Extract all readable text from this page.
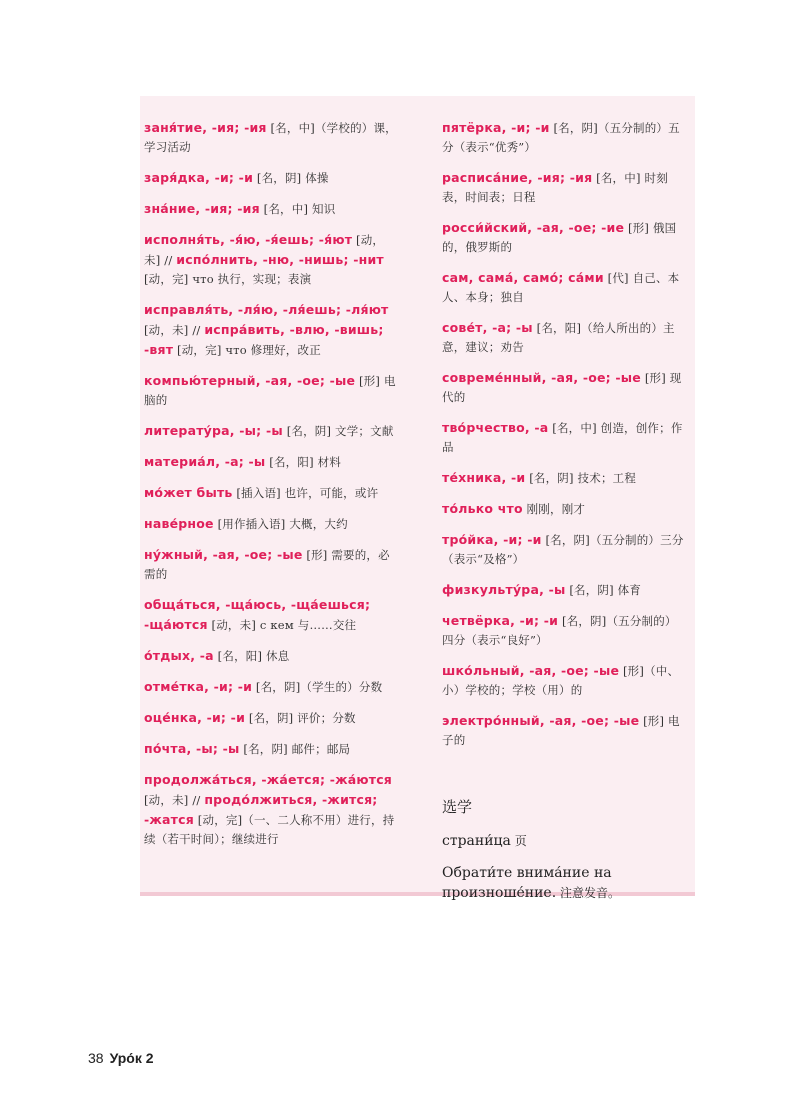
заня́тие, -ия; -ия [名，中]（学校的）课，学习活动
заря́дка, -и; -и [名，阴] 体操
зна́ние, -ия; -ия [名，中] 知识
исполня́ть, -я́ю, -я́ешь; -я́ют [动，未] // испо́лнить, -ню, -нишь; -нит [动，完] что 执行，实现；表演
исправля́ть, -ля́ю, -ля́ешь; -ля́ют [动，未] // испра́вить, -влю, -вишь; -вят [动，完] что 修理好，改正
компью́терный, -ая, -ое; -ые [形] 电脑的
литерату́ра, -ы; -ы [名，阴] 文学；文献
материа́л, -а; -ы [名，阳] 材料
мо́жет быть [插入语] 也许，可能，或许
наве́рное [用作插入语] 大概，大约
ну́жный, -ая, -ое; -ые [形] 需要的，必需的
обща́ться, -ща́юсь, -ща́ешься; -ща́ются [动，未] с кем 与……交往
о́тдых, -а [名，阳] 休息
отме́тка, -и; -и [名，阴]（学生的）分数
оце́нка, -и; -и [名，阴] 评价；分数
по́чта, -ы; -ы [名，阴] 邮件；邮局
продолжа́ться, -жа́ется; -жа́ются [动，未] // продо́лжиться, -жится; -жатся [动，完]（一、二人称不用）进行，持续（若干时间）；继续进行
пятёрка, -и; -и [名，阴]（五分制的）五分（表示“优秀”）
расписа́ние, -ия; -ия [名，中] 时刻表，时间表；日程
росси́йский, -ая, -ое; -ие [形] 俄国的，俄罗斯的
сам, сама́, само́; са́ми [代] 自己、本人、本身；独自
сове́т, -а; -ы [名，阳]（给人所出的）主意，建议；劝告
совреме́нный, -ая, -ое; -ые [形] 现代的
тво́рчество, -а [名，中] 创造，创作；作品
те́хника, -и [名，阴] 技术；工程
то́лько что 刚刚，刚才
тро́йка, -и; -и [名，阴]（五分制的）三分（表示“及格”）
физкульту́ра, -ы [名，阴] 体育
четвёрка, -и; -и [名，阴]（五分制的）四分（表示“良好”）
шко́льный, -ая, -ое; -ые [形]（中、小）学校的；学校（用）的
электро́нный, -ая, -ое; -ые [形] 电子的
选学
страни́ца 页
Обрати́те внима́ние на произноше́ние. 注意发音。
38 Уро́к 2
